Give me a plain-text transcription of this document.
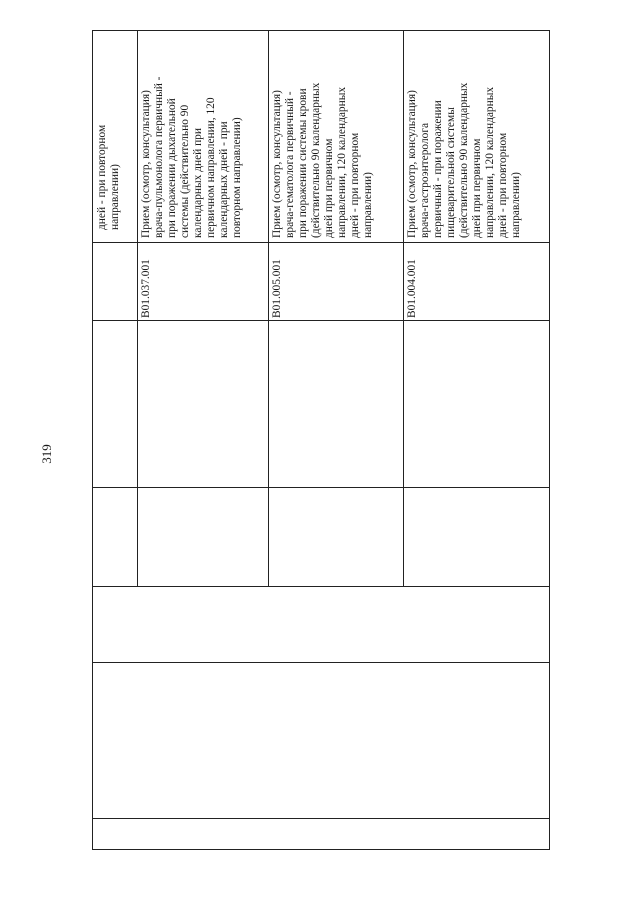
319
дней - при повторном
направлении)
B01.037.001
Прием (осмотр, консультация)
врача-пульмонолога первичный -
при поражении дыхательной
системы (действительно 90
календарных дней при
первичном направлении, 120
календарных дней - при
повторном направлении)
B01.005.001
Прием (осмотр, консультация)
врача-гематолога первичный -
при поражении системы крови
(действительно 90 календарных
дней при первичном
направлении, 120 календарных
дней - при повторном
направлении)
B01.004.001
Прием (осмотр, консультация)
врача-гастроэнтеролога
первичный - при поражении
пищеварительной системы
(действительно 90 календарных
дней при первичном
направлении, 120 календарных
дней - при повторном
направлении)
